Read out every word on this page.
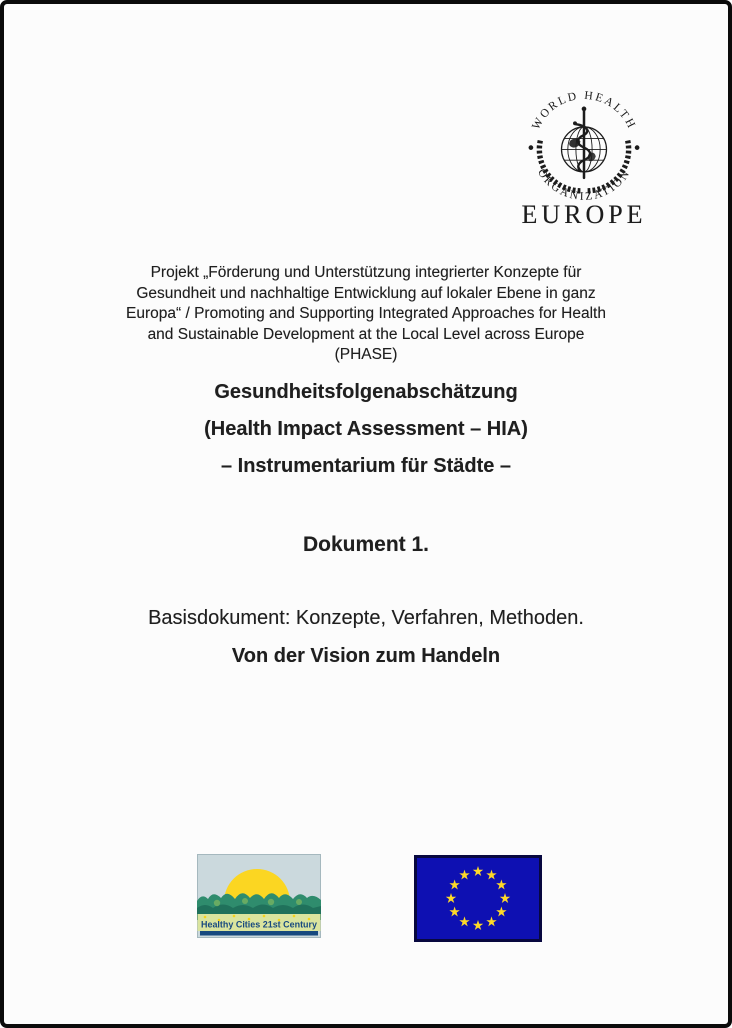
WORLD HEALTH
ORGANIZATION
EUROPE
Projekt „Förderung und Unterstützung integrierter Konzepte für
Gesundheit und nachhaltige Entwicklung auf lokaler Ebene in ganz
Europa“ / Promoting and Supporting Integrated Approaches for Health
and Sustainable Development at the Local Level across Europe
(PHASE)
Gesundheitsfolgenabschätzung
(Health Impact Assessment – HIA)
– Instrumentarium für Städte –
Dokument 1.
Basisdokument: Konzepte, Verfahren, Methoden.
Von der Vision zum Handeln
Healthy Cities 21st Century
